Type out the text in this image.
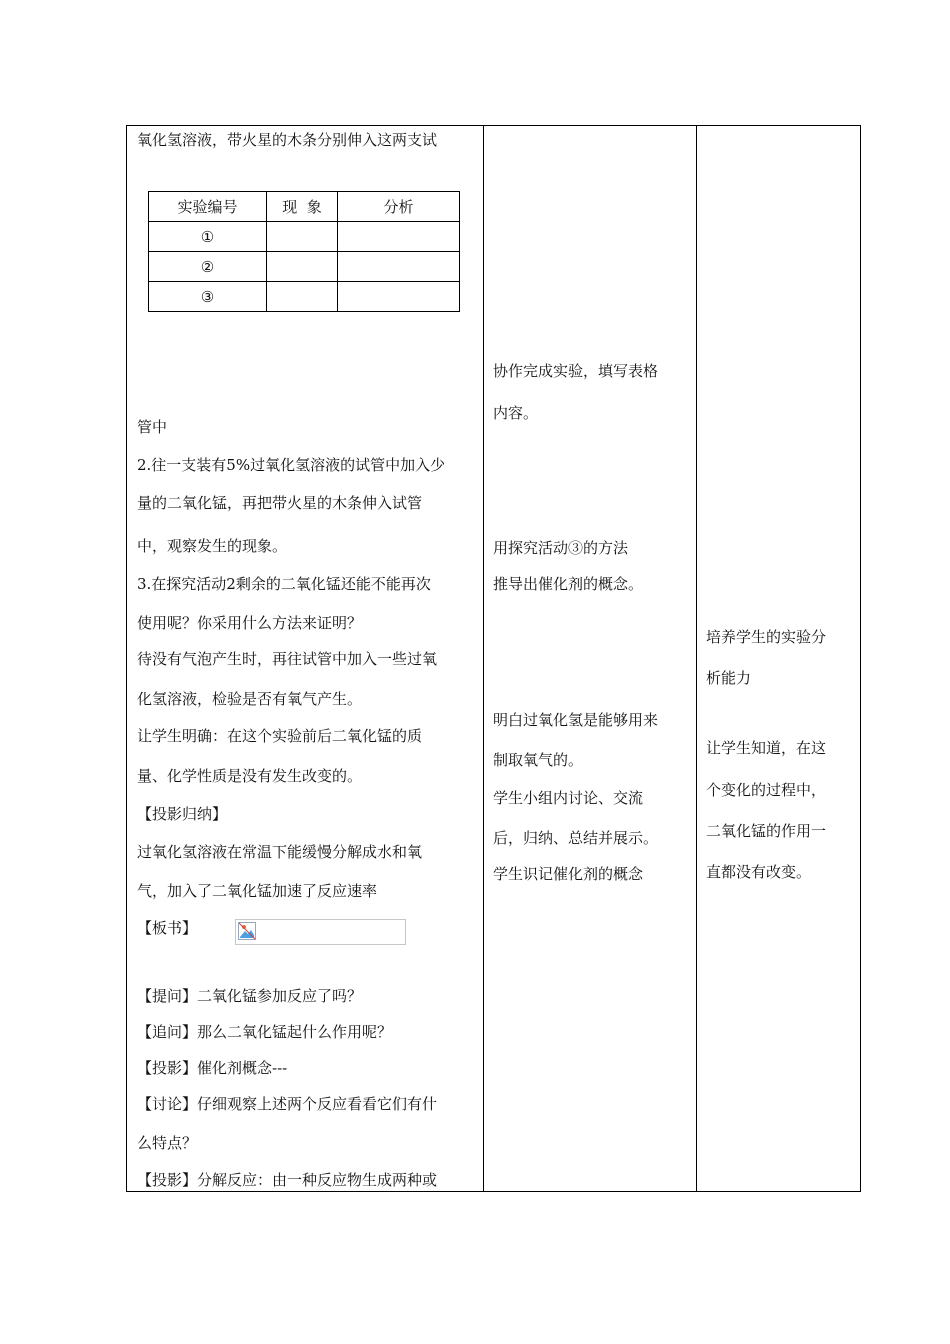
氧化氢溶液，带火星的木条分别伸入这两支试
实验编号	现  象	分析
①		
②		
③		
管中
2.往一支装有5%过氧化氢溶液的试管中加入少
量的二氧化锰，再把带火星的木条伸入试管
中，观察发生的现象。
3.在探究活动2剩余的二氧化锰还能不能再次
使用呢？你采用什么方法来证明？
待没有气泡产生时，再往试管中加入一些过氧
化氢溶液，检验是否有氧气产生。
让学生明确：在这个实验前后二氧化锰的质
量、化学性质是没有发生改变的。
【投影归纳】
过氧化氢溶液在常温下能缓慢分解成水和氧
气，加入了二氧化锰加速了反应速率
【板书】
【提问】二氧化锰参加反应了吗？
【追问】那么二氧化锰起什么作用呢？
【投影】催化剂概念---
【讨论】仔细观察上述两个反应看看它们有什
么特点？
【投影】分解反应：由一种反应物生成两种或
协作完成实验，填写表格
内容。
用探究活动③的方法
推导出催化剂的概念。
明白过氧化氢是能够用来
制取氧气的。
学生小组内讨论、交流
后，归纳、总结并展示。
学生识记催化剂的概念
培养学生的实验分
析能力
让学生知道，在这
个变化的过程中，
二氧化锰的作用一
直都没有改变。
